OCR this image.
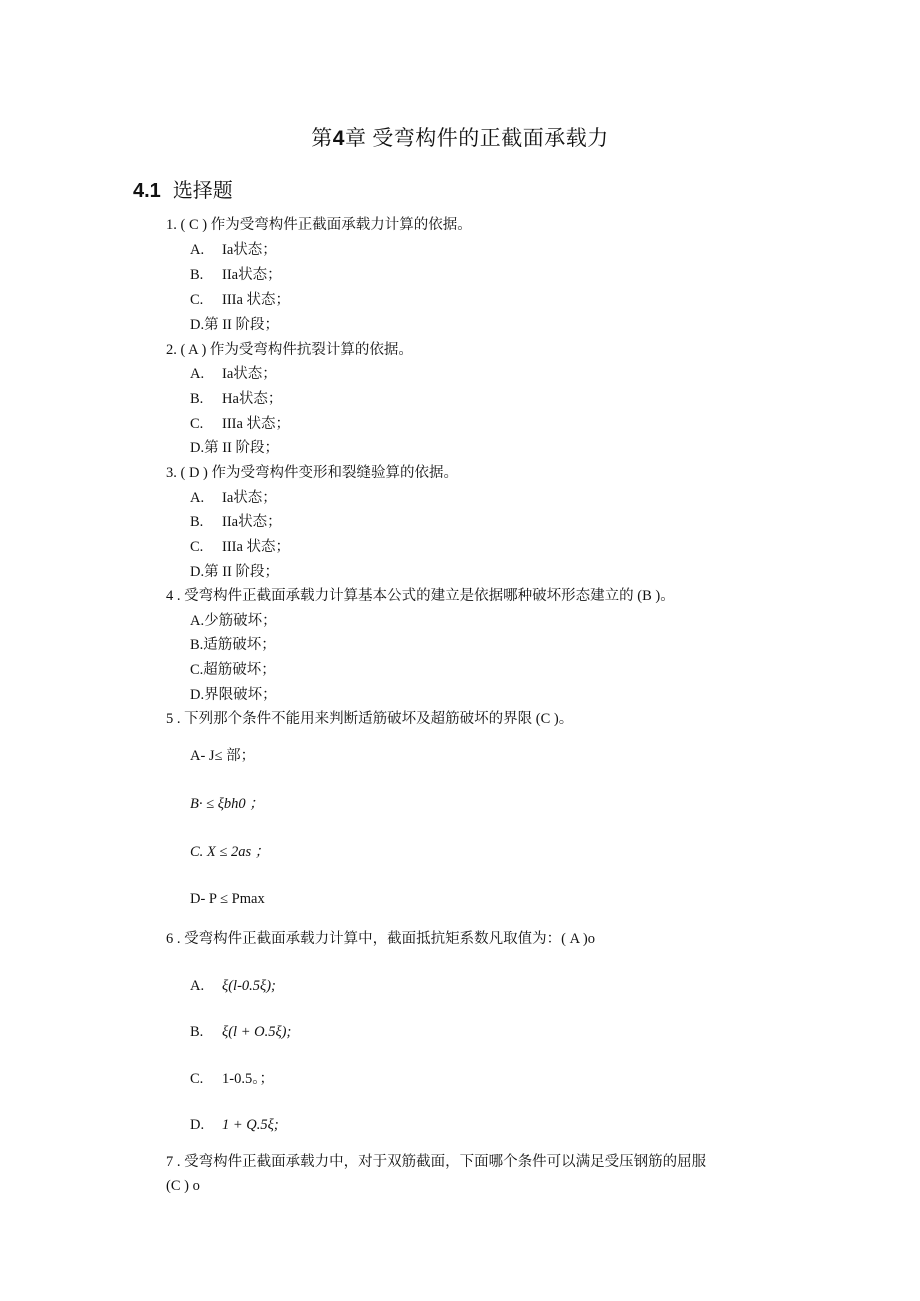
第4章 受弯构件的正截面承载力
4.1 选择题
1. ( C ) 作为受弯构件正截面承载力计算的依据。
A. Ia状态；
B. IIa状态；
C. IIIa 状态；
D.第 II 阶段；
2. ( A ) 作为受弯构件抗裂计算的依据。
A. Ia状态；
B. Ha状态；
C. IIIa 状态；
D.第 II 阶段；
3. ( D ) 作为受弯构件变形和裂缝验算的依据。
A. Ia状态；
B. IIa状态；
C. IIIa 状态；
D.第 II 阶段；
4 . 受弯构件正截面承载力计算基本公式的建立是依据哪种破坏形态建立的 (B )。
A.少筋破坏；
B.适筋破坏；
C.超筋破坏；
D.界限破坏；
5 . 下列那个条件不能用来判断适筋破坏及超筋破坏的界限 (C )。
A- J≤ 部；
B· ≤ ξbh0 ；
C. X ≤ 2as ；
D- P ≤ Pmax
6 . 受弯构件正截面承载力计算中，截面抵抗矩系数凡取值为：( A )o
A. ξ(l-0.5ξ);
B. ξ(l + O.5ξ);
C. 1-0.5。；
D. 1 + Q.5ξ;
7 . 受弯构件正截面承载力中，对于双筋截面，下面哪个条件可以满足受压钢筋的屈服
(C ) o
